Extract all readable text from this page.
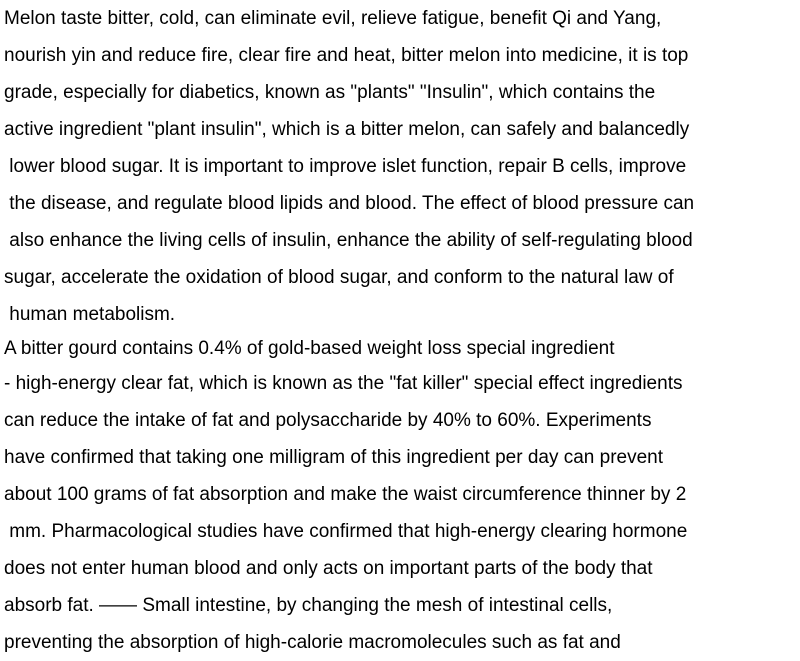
Melon taste bitter, cold, can eliminate evil, relieve fatigue, benefit Qi and Yang,
nourish yin and reduce fire, clear fire and heat, bitter melon into medicine, it is top
grade, especially for diabetics, known as "plants" "Insulin", which contains the
active ingredient "plant insulin", which is a bitter melon, can safely and balancedly
lower blood sugar. It is important to improve islet function, repair B cells, improve
the disease, and regulate blood lipids and blood. The effect of blood pressure can
also enhance the living cells of insulin, enhance the ability of self-regulating blood
sugar, accelerate the oxidation of blood sugar, and conform to the natural law of
human metabolism.
A bitter gourd contains 0.4% of gold-based weight loss special ingredient
- high-energy clear fat, which is known as the "fat killer" special effect ingredients
can reduce the intake of fat and polysaccharide by 40% to 60%. Experiments
have confirmed that taking one milligram of this ingredient per day can prevent
about 100 grams of fat absorption and make the waist circumference thinner by 2
mm. Pharmacological studies have confirmed that high-energy clearing hormone
does not enter human blood and only acts on important parts of the body that
absorb fat. —— Small intestine, by changing the mesh of intestinal cells,
preventing the absorption of high-calorie macromolecules such as fat and
